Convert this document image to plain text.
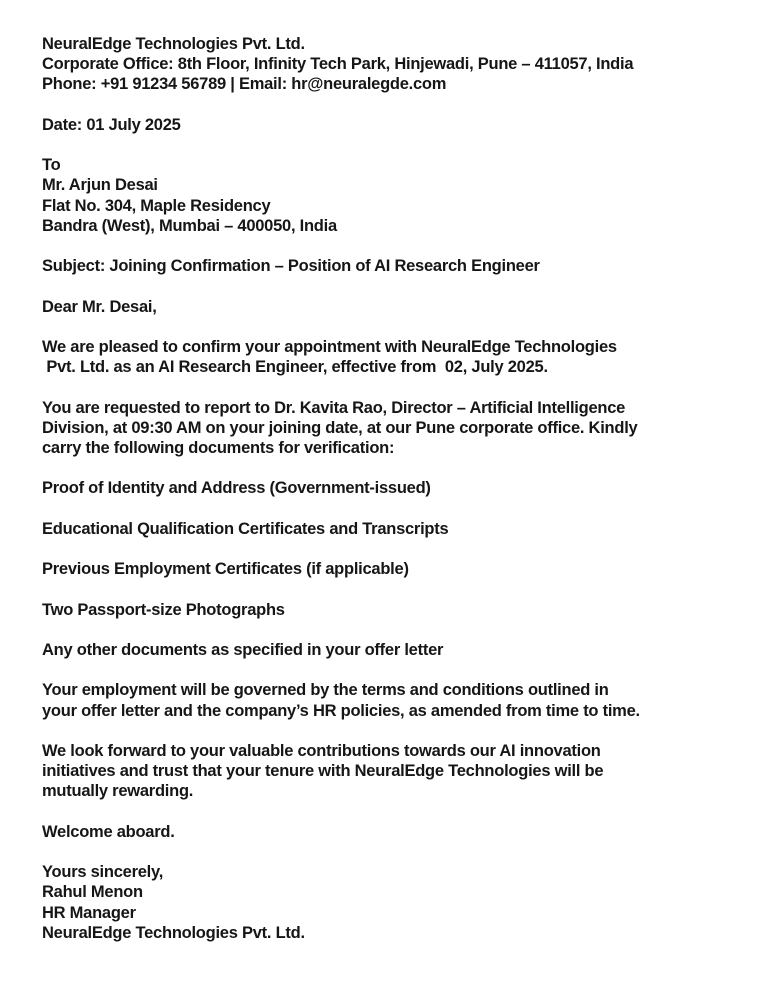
NeuralEdge Technologies Pvt. Ltd.
Corporate Office: 8th Floor, Infinity Tech Park, Hinjewadi, Pune – 411057, India
Phone: +91 91234 56789 | Email: hr@neuralegde.com
Date: 01 July 2025
To
Mr. Arjun Desai
Flat No. 304, Maple Residency
Bandra (West), Mumbai – 400050, India
Subject: Joining Confirmation – Position of AI Research Engineer
Dear Mr. Desai,
We are pleased to confirm your appointment with NeuralEdge Technologies
Pvt. Ltd. as an AI Research Engineer, effective from  02, July 2025.
You are requested to report to Dr. Kavita Rao, Director – Artificial Intelligence
Division, at 09:30 AM on your joining date, at our Pune corporate office. Kindly
carry the following documents for verification:
Proof of Identity and Address (Government-issued)
Educational Qualification Certificates and Transcripts
Previous Employment Certificates (if applicable)
Two Passport-size Photographs
Any other documents as specified in your offer letter
Your employment will be governed by the terms and conditions outlined in
your offer letter and the company’s HR policies, as amended from time to time.
We look forward to your valuable contributions towards our AI innovation
initiatives and trust that your tenure with NeuralEdge Technologies will be
mutually rewarding.
Welcome aboard.
Yours sincerely,
Rahul Menon
HR Manager
NeuralEdge Technologies Pvt. Ltd.
